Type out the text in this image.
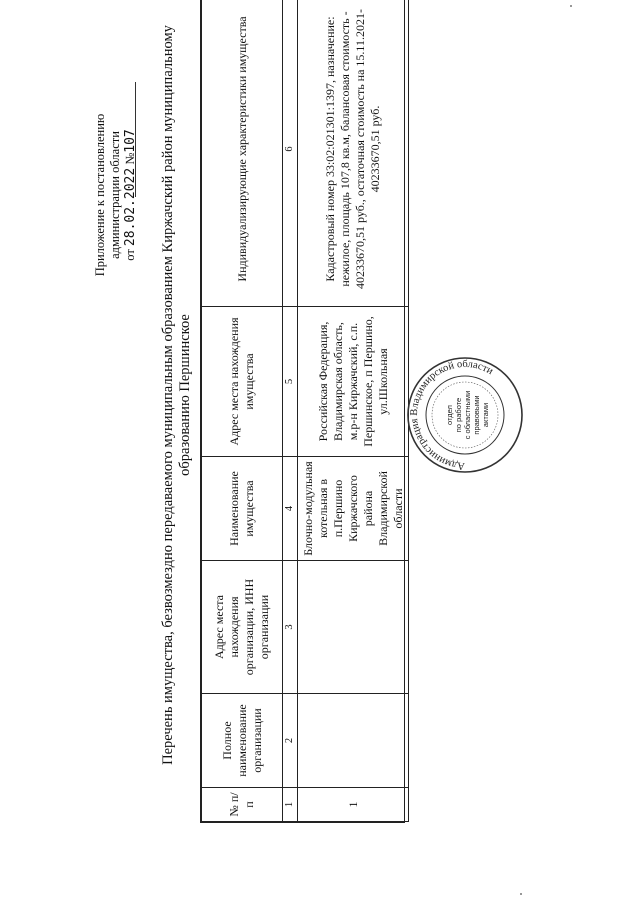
Приложение к постановлению администрации области от 28.02.2022 №107 Перечень имущества, безвозмездно передаваемого муниципальным образованием Киржачский район муниципальному образованию Першинское
№ п/п	Полное наименование организации	Адрес места нахождения организации, ИНН организации	Наименование имущества	Адрес места нахождения имущества	Индивидуализирующие характеристики имущества
1	2	3	4	5	6
1			Блочно-модульная котельная в п.Першино Киржачского района Владимирской области	Российская Федерация, Владимирская область, м.р-н Киржачский, с.п. Першинское, п Першино, ул.Школьная	Кадастровый номер 33:02:021301:1397, назначение: нежилое, площадь 107,8 кв.м, балансовая стоимость - 40233670,51 руб., остаточная стоимость на 15.11.2021- 40233670,51 руб.
Администрация Владимирской области
отдел по работе с областными правовыми актами
